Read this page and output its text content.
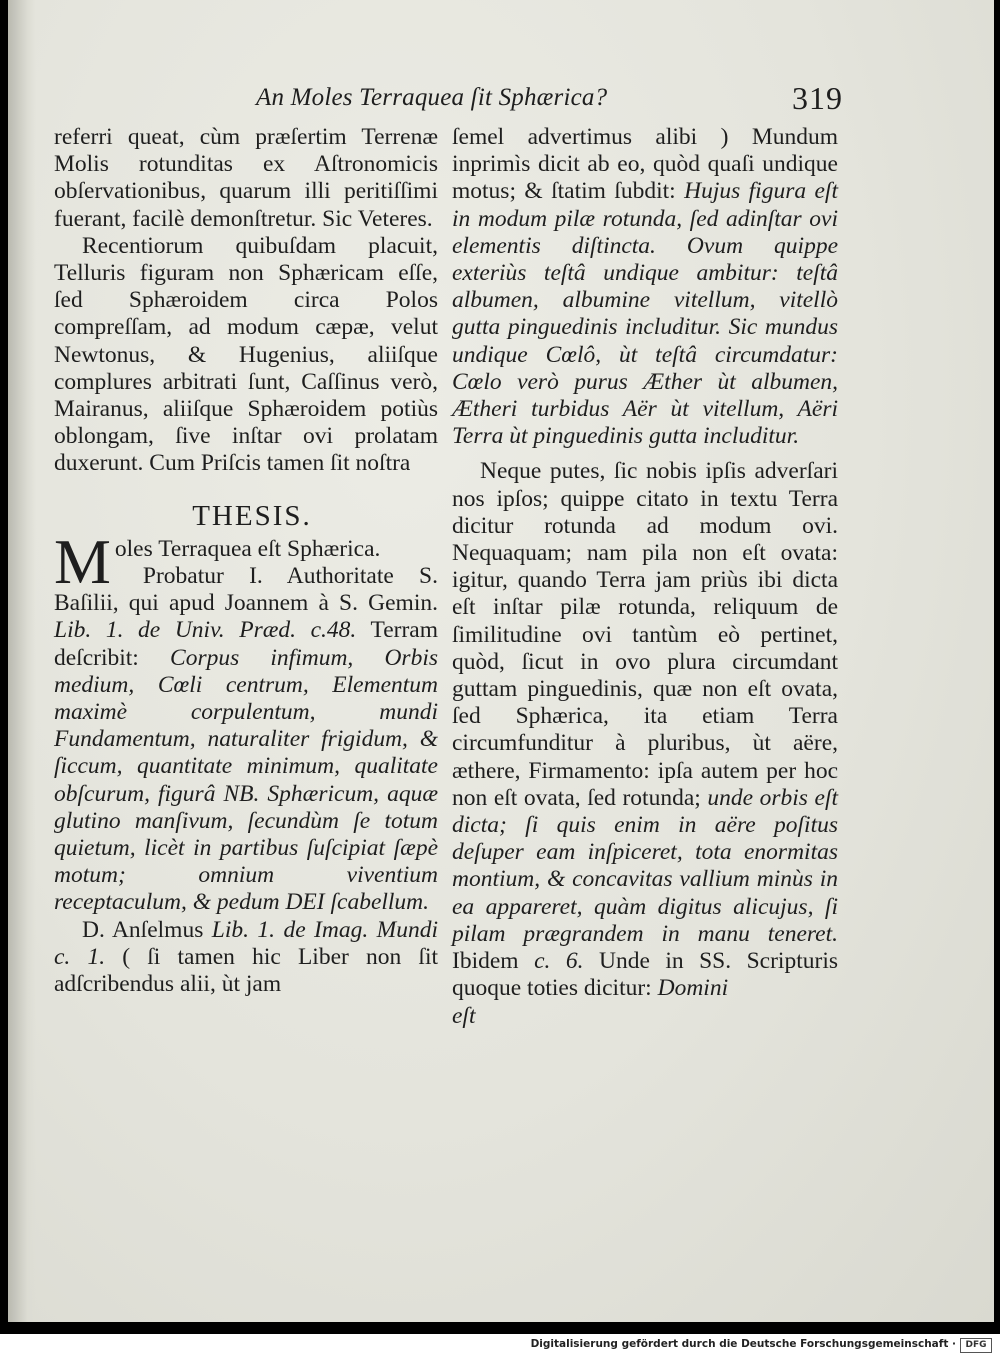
An Moles Terraquea ſit Sphærica?	319

referri queat, cùm præſertim Terrenæ Molis rotunditas ex Aſtronomicis obſervationibus, quarum illi peritiſſimi fuerant, facilè demonſtretur. Sic Veteres.

Recentiorum quibuſdam placuit, Telluris figuram non Sphæricam eſſe, ſed Sphæroidem circa Polos compreſſam, ad modum cæpæ, velut Newtonus, & Hugenius, aliiſque complures arbitrati ſunt, Caſſinus verò, Mairanus, aliiſque Sphæroidem potiùs oblongam, ſive inſtar ovi prolatam duxerunt. Cum Priſcis tamen ſit noſtra

THESIS.

Moles Terraquea eſt Sphærica.

Probatur I. Authoritate S. Baſilii, qui apud Joannem à S. Gemin. Lib. 1. de Univ. Præd. c.48. Terram deſcribit: Corpus infimum, Orbis medium, Cœli centrum, Elementum maximè corpulentum, mundi Fundamentum, naturaliter frigidum, & ſiccum, quantitate minimum, qualitate obſcurum, figurâ NB. Sphæricum, aquæ glutino manſivum, ſecundùm ſe totum quietum, licèt in partibus ſuſcipiat ſæpè motum; omnium viventium receptaculum, & pedum DEI ſcabellum.

D. Anſelmus Lib. 1. de Imag. Mundi c. 1. ( ſi tamen hic Liber non ſit adſcribendus alii, ùt jam

ſemel advertimus alibi ) Mundum inprimìs dicit ab eo, quòd quaſi undique motus; & ſtatim ſubdit: Hujus figura eſt in modum pilæ rotunda, ſed adinſtar ovi elementis diſtincta. Ovum quippe exteriùs teſtâ undique ambitur: teſtâ albumen, albumine vitellum, vitellò gutta pinguedinis includitur. Sic mundus undique Cœlô, ùt teſtâ circumdatur: Cœlo verò purus Æther ùt albumen, Ætheri turbidus Aër ùt vitellum, Aëri Terra ùt pinguedinis gutta includitur.

Neque putes, ſic nobis ipſis adverſari nos ipſos; quippe citato in textu Terra dicitur rotunda ad modum ovi. Nequaquam; nam pila non eſt ovata: igitur, quando Terra jam priùs ibi dicta eſt inſtar pilæ rotunda, reliquum de ſimilitudine ovi tantùm eò pertinet, quòd, ſicut in ovo plura circumdant guttam pinguedinis, quæ non eſt ovata, ſed Sphærica, ita etiam Terra circumfunditur à pluribus, ùt aëre, æthere, Firmamento: ipſa autem per hoc non eſt ovata, ſed rotunda; unde orbis eſt dicta; ſi quis enim in aëre poſitus deſuper eam inſpiceret, tota enormitas montium, & concavitas vallium minùs in ea appareret, quàm digitus alicujus, ſi pilam prægrandem in manu teneret. Ibidem c. 6. Unde in SS. Scripturis quoque toties dicitur: Domini

eſt

Digitalisierung gefördert durch die Deutsche Forschungsgemeinschaft ·	DFG
